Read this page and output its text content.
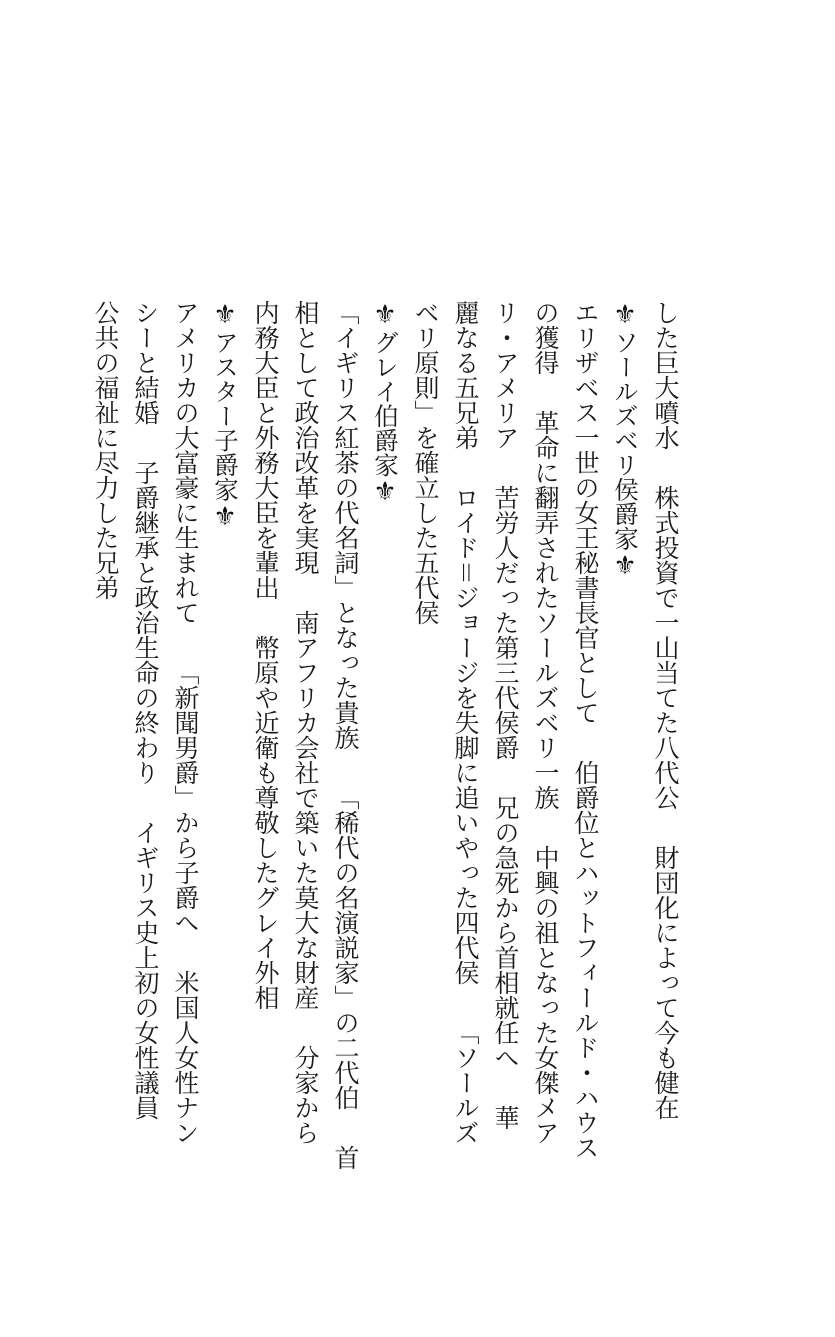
した巨大噴水株式投資で一山当てた八代公財団化によって今も健在
⚜ソールズベリ侯爵家⚜
エリザベス一世の女王秘書長官として伯爵位とハットフィールド・ハウス
の獲得革命に翻弄されたソールズベリ一族中興の祖となった女傑メア
リ・アメリア苦労人だった第三代侯爵兄の急死から首相就任へ華
麗なる五兄弟ロイド＝ジョージを失脚に追いやった四代侯「ソールズ
ベリ原則」を確立した五代侯
⚜グレイ伯爵家⚜
「イギリス紅茶の代名詞」となった貴族「稀代の名演説家」の二代伯首
相として政治改革を実現南アフリカ会社で築いた莫大な財産分家から
内務大臣と外務大臣を輩出幣原や近衛も尊敬したグレイ外相
⚜アスター子爵家⚜
アメリカの大富豪に生まれて「新聞男爵」から子爵へ米国人女性ナン
シーと結婚子爵継承と政治生命の終わりイギリス史上初の女性議員
公共の福祉に尽力した兄弟
